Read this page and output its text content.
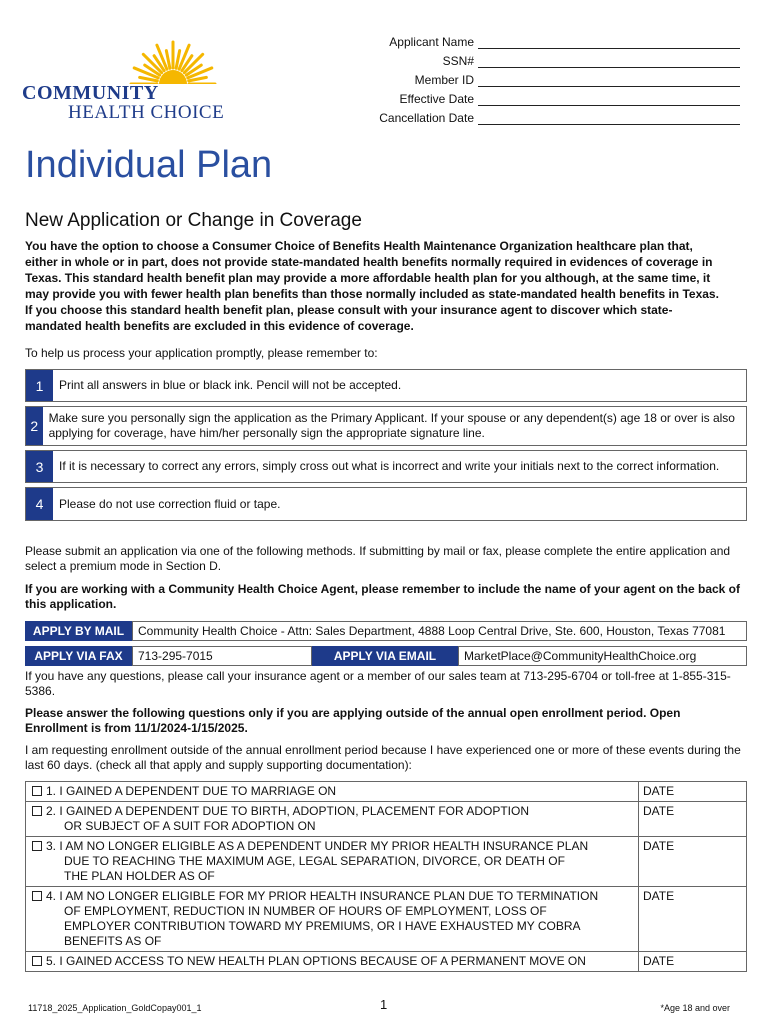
COMMUNITY
HEALTH CHOICE
Applicant Name
SSN#
Member ID
Effective Date
Cancellation Date
Individual Plan
New Application or Change in Coverage

You have the option to choose a Consumer Choice of Benefits Health Maintenance Organization healthcare plan that, either in whole or in part, does not provide state-mandated health benefits normally required in evidences of coverage in Texas. This standard health benefit plan may provide a more affordable health plan for you although, at the same time, it may provide you with fewer health plan benefits than those normally included as state-mandated health benefits in Texas. If you choose this standard health benefit plan, please consult with your insurance agent to discover which state-mandated health benefits are excluded in this evidence of coverage.

To help us process your application promptly, please remember to:

1	Print all answers in blue or black ink. Pencil will not be accepted.
2 Make sure you personally sign the application as the Primary Applicant. If your spouse or any dependent(s) age 18 or over is also applying for coverage, have him/her personally sign the appropriate signature line.
3	If it is necessary to correct any errors, simply cross out what is incorrect and write your initials next to the correct information.
4	Please do not use correction fluid or tape.

Please submit an application via one of the following methods. If submitting by mail or fax, please complete the entire application and select a premium mode in Section D.

If you are working with a Community Health Choice Agent, please remember to include the name of your agent on the back of this application.

APPLY BY MAIL	Community Health Choice - Attn: Sales Department, 4888 Loop Central Drive, Ste. 600, Houston, Texas 77081
APPLY VIA FAX	713-295-7015	APPLY VIA EMAIL	MarketPlace@CommunityHealthChoice.org

If you have any questions, please call your insurance agent or a member of our sales team at 713-295-6704 or toll-free at 1-855-315-5386.

Please answer the following questions only if you are applying outside of the annual open enrollment period. Open Enrollment is from 11/1/2024-1/15/2025.

I am requesting enrollment outside of the annual enrollment period because I have experienced one or more of these events during the last 60 days. (check all that apply and supply supporting documentation):

1. I GAINED A DEPENDENT DUE TO MARRIAGE ON	DATE

2. I GAINED A DEPENDENT DUE TO BIRTH, ADOPTION, PLACEMENT FOR ADOPTION
OR SUBJECT OF A SUIT FOR ADOPTION ON	DATE

3. I AM NO LONGER ELIGIBLE AS A DEPENDENT UNDER MY PRIOR HEALTH INSURANCE PLAN
DUE TO REACHING THE MAXIMUM AGE, LEGAL SEPARATION, DIVORCE, OR DEATH OF
THE PLAN HOLDER AS OF	DATE

4. I AM NO LONGER ELIGIBLE FOR MY PRIOR HEALTH INSURANCE PLAN DUE TO TERMINATION
OF EMPLOYMENT, REDUCTION IN NUMBER OF HOURS OF EMPLOYMENT, LOSS OF
EMPLOYER CONTRIBUTION TOWARD MY PREMIUMS, OR I HAVE EXHAUSTED MY COBRA
BENEFITS AS OF	DATE

5. I GAINED ACCESS TO NEW HEALTH PLAN OPTIONS BECAUSE OF A PERMANENT MOVE ON	DATE
11718_2025_Application_GoldCopay001_1	1	*Age 18 and over
